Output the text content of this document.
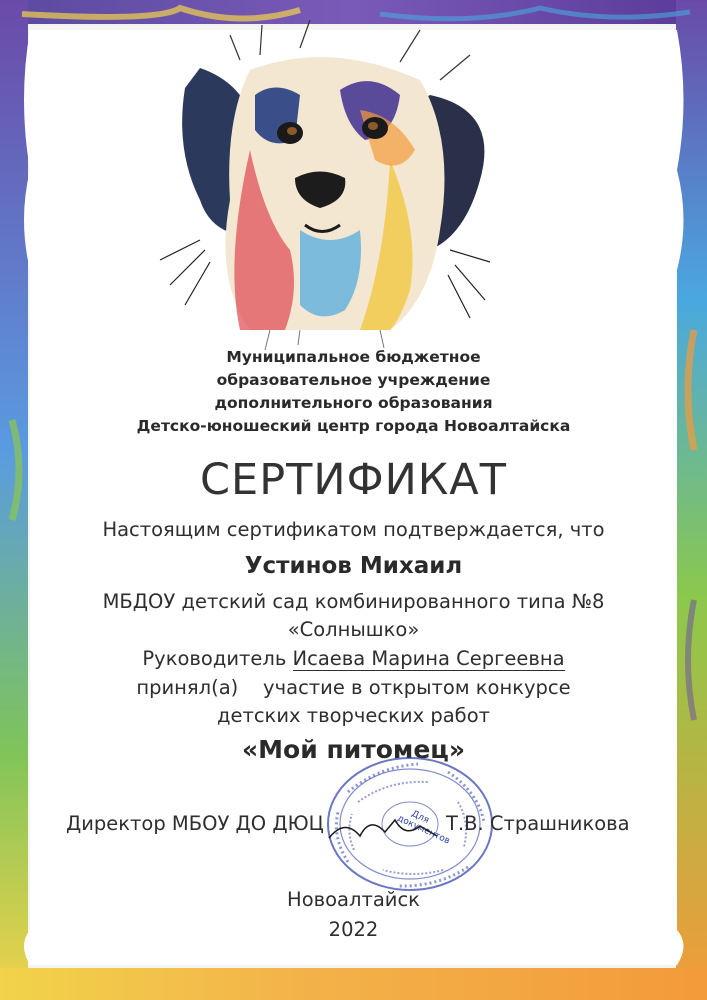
Муниципальное бюджетное
образовательное учреждение
дополнительного образования
Детско-юношеский центр города Новоалтайска
СЕРТИФИКАТ
Настоящим сертификатом подтверждается, что
Устинов Михаил
МБДОУ детский сад комбинированного типа №8
«Солнышко»
Руководитель Исаева Марина Сергеевна
принял(а)    участие в открытом конкурсе
детских творческих работ
«Мой питомец»
Для документов
Директор МБОУ ДО ДЮЦ	Т.В. Страшникова
Новоалтайск
2022
